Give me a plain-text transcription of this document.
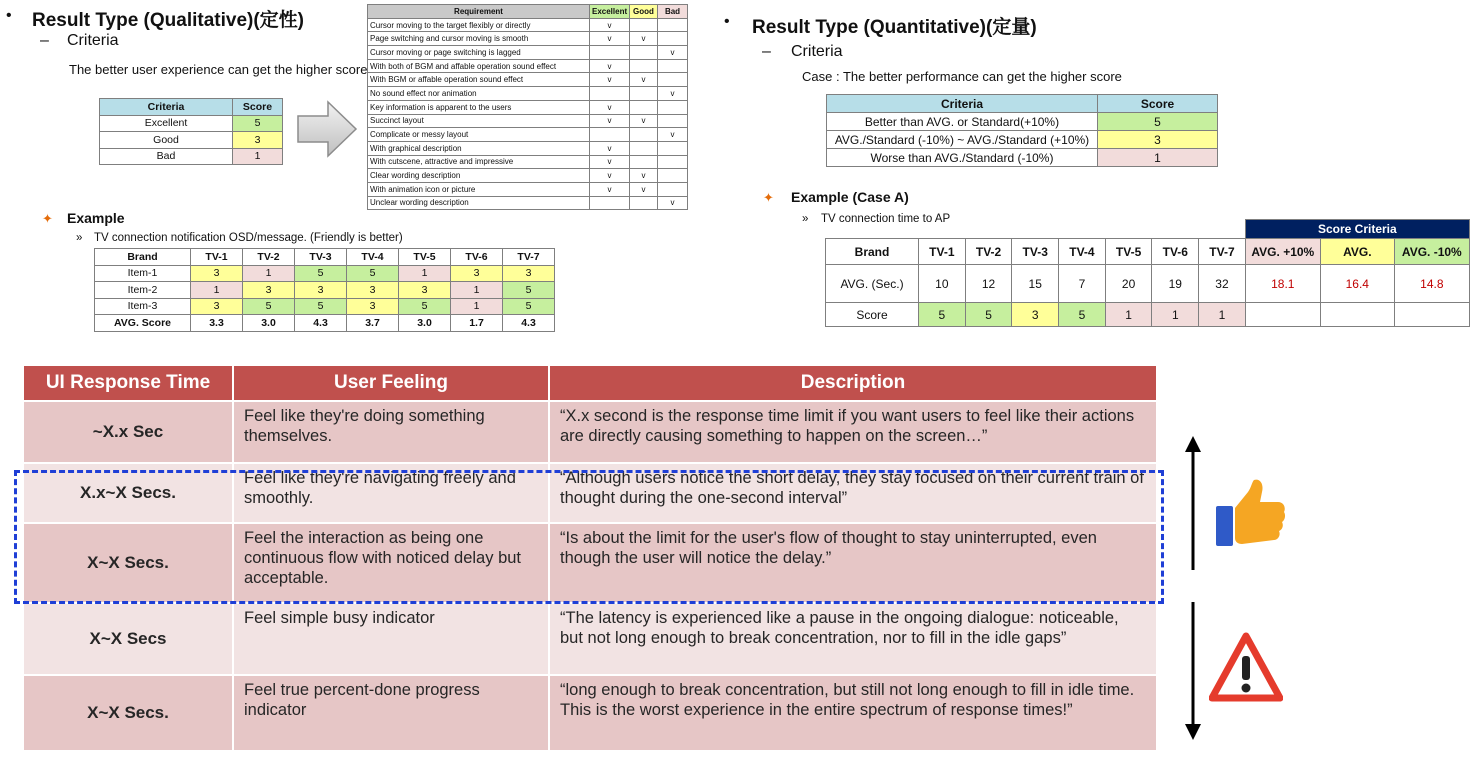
• Result Type (Qualitative)(定性)
– Criteria
The better user experience can get the higher score
Criteria	Score
Excellent	5
Good	3
Bad	1
Requirement	Excellent	Good	Bad
Cursor moving to the target flexibly or directly	v		
Page switching and cursor moving is smooth	v	v	
Cursor moving or page switching is lagged			v
With both of BGM and affable operation sound effect	v		
With BGM or affable operation sound effect	v	v	
No sound effect nor animation			v
Key information is apparent to the users	v		
Succinct layout	v	v	
Complicate or messy layout			v
With graphical description	v		
With cutscene, attractive and impressive	v		
Clear wording description	v	v	
With animation icon or picture	v	v	
Unclear wording description			v
✦ Example
» TV connection notification OSD/message. (Friendly is better)
Brand	TV-1	TV-2	TV-3	TV-4	TV-5	TV-6	TV-7
Item-1	3	1	5	5	1	3	3
Item-2	1	3	3	3	3	1	5
Item-3	3	5	5	3	5	1	5
AVG. Score	3.3	3.0	4.3	3.7	3.0	1.7	4.3
• Result Type (Quantitative)(定量)
– Criteria
Case : The better performance can get the higher score
Criteria	Score
Better than AVG. or Standard(+10%)	5
AVG./Standard (-10%) ~ AVG./Standard (+10%)	3
Worse than AVG./Standard (-10%)	1
✦ Example (Case A)
» TV connection time to AP
								Score Criteria		
Brand	TV-1	TV-2	TV-3	TV-4	TV-5	TV-6	TV-7	AVG. +10%	AVG.	AVG. -10%
AVG. (Sec.)	10	12	15	7	20	19	32	18.1	16.4	14.8
Score	5	5	3	5	1	1	1			
UI Response Time	User Feeling	Description
~X.x Sec	Feel like they're doing something themselves.	“X.x second is the response time limit if you want users to feel like their actions are directly causing something to happen on the screen…”
X.x~X Secs.	Feel like they're navigating freely and smoothly.	“Although users notice the short delay, they stay focused on their current train of thought during the one-second interval”
X~X Secs.	Feel the interaction as being one continuous flow with noticed delay but acceptable.	“Is about the limit for the user's flow of thought to stay uninterrupted, even though the user will notice the delay.”
X~X Secs	Feel simple busy indicator	“The latency is experienced like a pause in the ongoing dialogue: noticeable, but not long enough to break concentration, nor to fill in the idle gaps”
X~X Secs.	Feel true percent-done progress indicator	“long enough to break concentration, but still not long enough to fill in idle time. This is the worst experience in the entire spectrum of response times!”
